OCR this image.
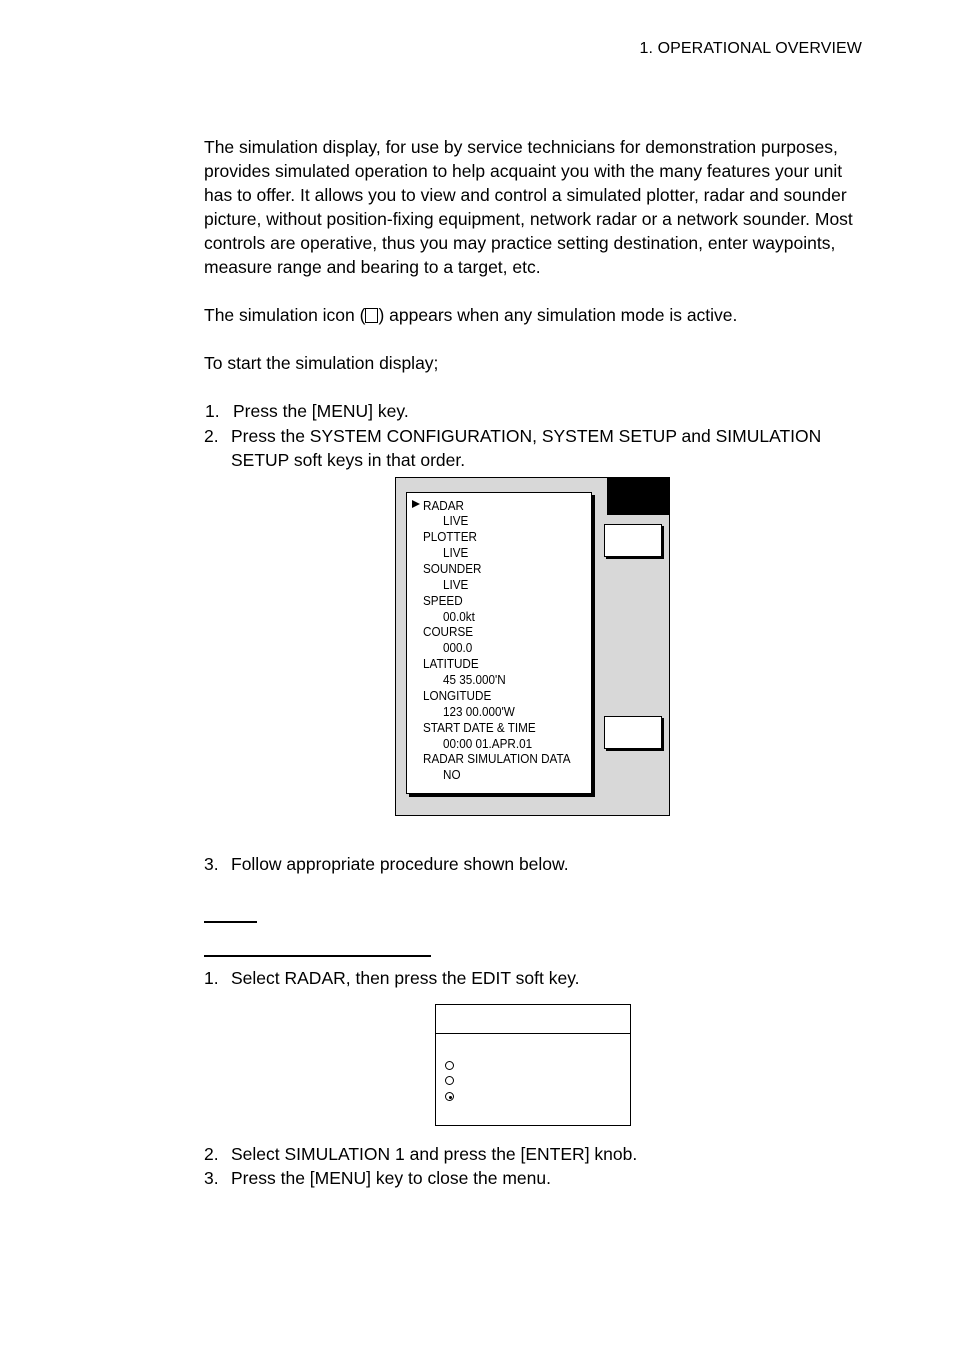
1. OPERATIONAL OVERVIEW
The simulation display, for use by service technicians for demonstration purposes, provides simulated operation to help acquaint you with the many features your unit has to offer. It allows you to view and control a simulated plotter, radar and sounder picture, without position-fixing equipment, network radar or a network sounder. Most controls are operative, thus you may practice setting destination, enter waypoints, measure range and bearing to a target, etc.
The simulation icon ( ) appears when any simulation mode is active.
To start the simulation display;
1. Press the [MENU] key.
2. Press the SYSTEM CONFIGURATION, SYSTEM SETUP and SIMULATION SETUP soft keys in that order.
RADAR
LIVE
PLOTTER
LIVE
SOUNDER
LIVE
SPEED
00.0kt
COURSE
000.0
LATITUDE
45 35.000'N
LONGITUDE
123 00.000'W
START DATE & TIME
00:00 01.APR.01
RADAR SIMULATION DATA
NO
3. Follow appropriate procedure shown below.
1. Select RADAR, then press the EDIT soft key.
2. Select SIMULATION 1 and press the [ENTER] knob.
3. Press the [MENU] key to close the menu.
